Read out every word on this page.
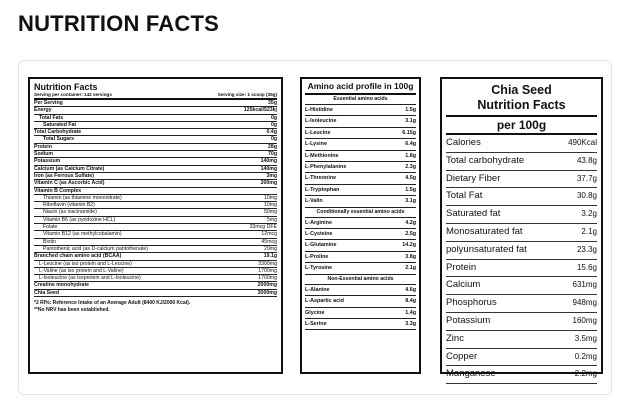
NUTRITION FACTS
Nutrition Facts
Serving per container: 142 servings	Serving size: 1 scoop (35g)
Per Serving	35g
Energy	125kcal/523kj
Total Fats	0g
Saturated Fat	0g
Total Carbohydrate	0.4g
Total Sugars	0g
Protein	28g
Sodium	70g
Potassium	140mg
Calcium (as Calcium Citrate)	140mg
Iron (as Ferrous Sulfate)	3mg
Vitamin C (as Ascorbic Acid)	200mg
Vitamin B Complex
Thiamin (as thiamine mononitrate)	10mg
Riboflavin (vitamin B2)	10mg
Niacin (as niacinamide)	50mg
Vitamin B6 (as pyridoxine HCL)	5mg
Folate	33mcg DFE
Vitamin B12 (as methylcobalamin)	12mcg
Biotin	45mcg
Pantothenic acid (as D-calcium pantothenate)	20mg
Branched chain amino acid (BCAA)	19.1g
L-Leucine (as iso protein and L-Leucine)	3300mg
L-Valine (as iso protein and L-Valine)	1700mg
L-Isoleucine (as isoprotein and L-Isoleucine)	1700mg
Creatine monohydrate	2000mg
Chia Seed	3000mg
*2 RI%: Reference Intake of an Average Adult (8400 KJ/2000 Kcal).
**No NRV has been established.
Amino acid profile in 100g
Essential amino acids
L-Histidine	1.5g
L-Isoleucine	3.1g
L-Leucine	6.15g
L-Lysine	6.4g
L-Methionine	1.8g
L-Phenylalanine	2.3g
L-Threonine	4.5g
L-Tryptophan	1.5g
L-Valin	3.1g
Conditionally essential amino acids
L-Arginine	4.2g
L-Cysteine	2.5g
L-Glutamine	14.2g
L-Proline	3.8g
L-Tyrosine	2.1g
Non-Essential amino acids
L-Alanine	4.6g
L-Aspartic acid	8.4g
Glycine	1.4g
L-Serine	3.3g
Chia Seed
Nutrition Facts
per 100g
Calories	490Kcal
Total carbohydrate	43.8g
Dietary Fiber	37.7g
Total Fat	30.8g
Saturated fat	3.2g
Monosaturated fat	2.1g
polyunsaturated fat	23.3g
Protein	15.6g
Calcium	631mg
Phosphorus	948mg
Potassium	160mg
Zinc	3.5mg
Copper	0.2mg
Manganese	2.2mg
